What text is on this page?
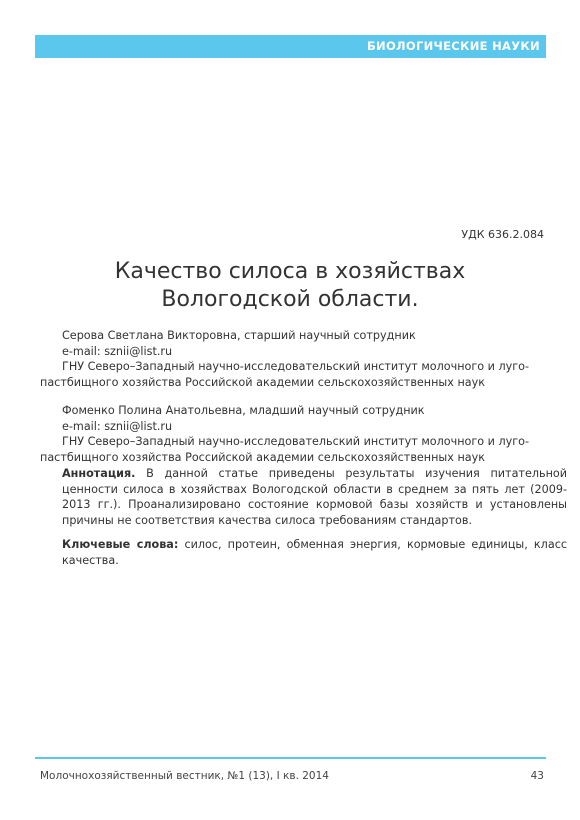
БИОЛОГИЧЕСКИЕ НАУКИ
УДК 636.2.084
Качество силоса в хозяйствах
Вологодской области.
Серова Светлана Викторовна, старший научный сотрудник
e-mail: sznii@list.ru
ГНУ Северо–Западный научно-исследовательский институт молочного и луго-
пастбищного хозяйства Российской академии сельскохозяйственных наук
Фоменко Полина Анатольевна, младший научный сотрудник
e-mail: sznii@list.ru
ГНУ Северо–Западный научно-исследовательский институт молочного и луго-
пастбищного хозяйства Российской академии сельскохозяйственных наук

Аннотация. В данной статье приведены результаты изучения питательной ценности силоса в хозяйствах Вологодской области в среднем за пять лет (2009-2013 гг.). Проанализировано состояние кормовой базы хозяйств и установлены причины не соответствия качества силоса требованиям стандартов.

Ключевые слова: силос, протеин, обменная энергия, кормовые единицы, класс качества.

Молочнохозяйственный вестник, №1 (13), I кв. 2014	43
